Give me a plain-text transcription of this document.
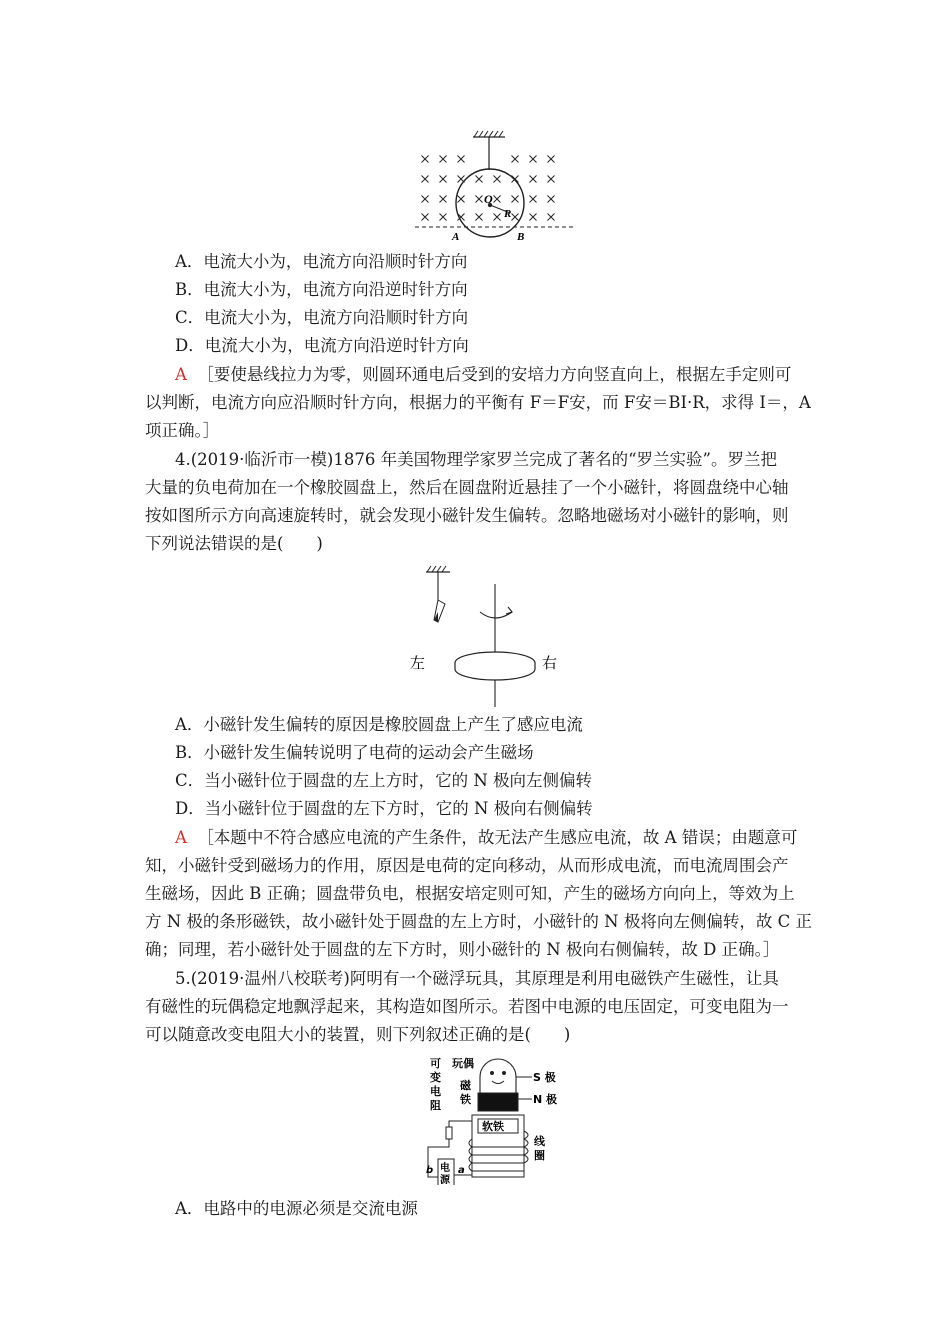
O
R
A	B
A．电流大小为，电流方向沿顺时针方向
B．电流大小为，电流方向沿逆时针方向
C．电流大小为，电流方向沿顺时针方向
D．电流大小为，电流方向沿逆时针方向
A ［要使悬线拉力为零，则圆环通电后受到的安培力方向竖直向上，根据左手定则可
以判断，电流方向应沿顺时针方向，根据力的平衡有 F＝F安，而 F安＝BI·R，求得 I＝，A
项正确。］
4.(2019·临沂市一模)1876 年美国物理学家罗兰完成了著名的“罗兰实验”。罗兰把
大量的负电荷加在一个橡胶圆盘上，然后在圆盘附近悬挂了一个小磁针，将圆盘绕中心轴
按如图所示方向高速旋转时，就会发现小磁针发生偏转。忽略地磁场对小磁针的影响，则
下列说法错误的是(　　)
左	右
A．小磁针发生偏转的原因是橡胶圆盘上产生了感应电流
B．小磁针发生偏转说明了电荷的运动会产生磁场
C．当小磁针位于圆盘的左上方时，它的 N 极向左侧偏转
D．当小磁针位于圆盘的左下方时，它的 N 极向右侧偏转
A ［本题中不符合感应电流的产生条件，故无法产生感应电流，故 A 错误；由题意可
知，小磁针受到磁场力的作用，原因是电荷的定向移动，从而形成电流，而电流周围会产
生磁场，因此 B 正确；圆盘带负电，根据安培定则可知，产生的磁场方向向上，等效为上
方 N 极的条形磁铁，故小磁针处于圆盘的左上方时，小磁针的 N 极将向左侧偏转，故 C 正
确；同理，若小磁针处于圆盘的左下方时，则小磁针的 N 极向右侧偏转，故 D 正确。］
5.(2019·温州八校联考)阿明有一个磁浮玩具，其原理是利用电磁铁产生磁性，让具
有磁性的玩偶稳定地飘浮起来，其构造如图所示。若图中电源的电压固定，可变电阻为一
可以随意改变电阻大小的装置，则下列叙述正确的是(　　)
S 极
N 极
玩偶
磁
铁
软铁
线
圈
可
变
电
阻
电
源
b a
A．电路中的电源必须是交流电源
